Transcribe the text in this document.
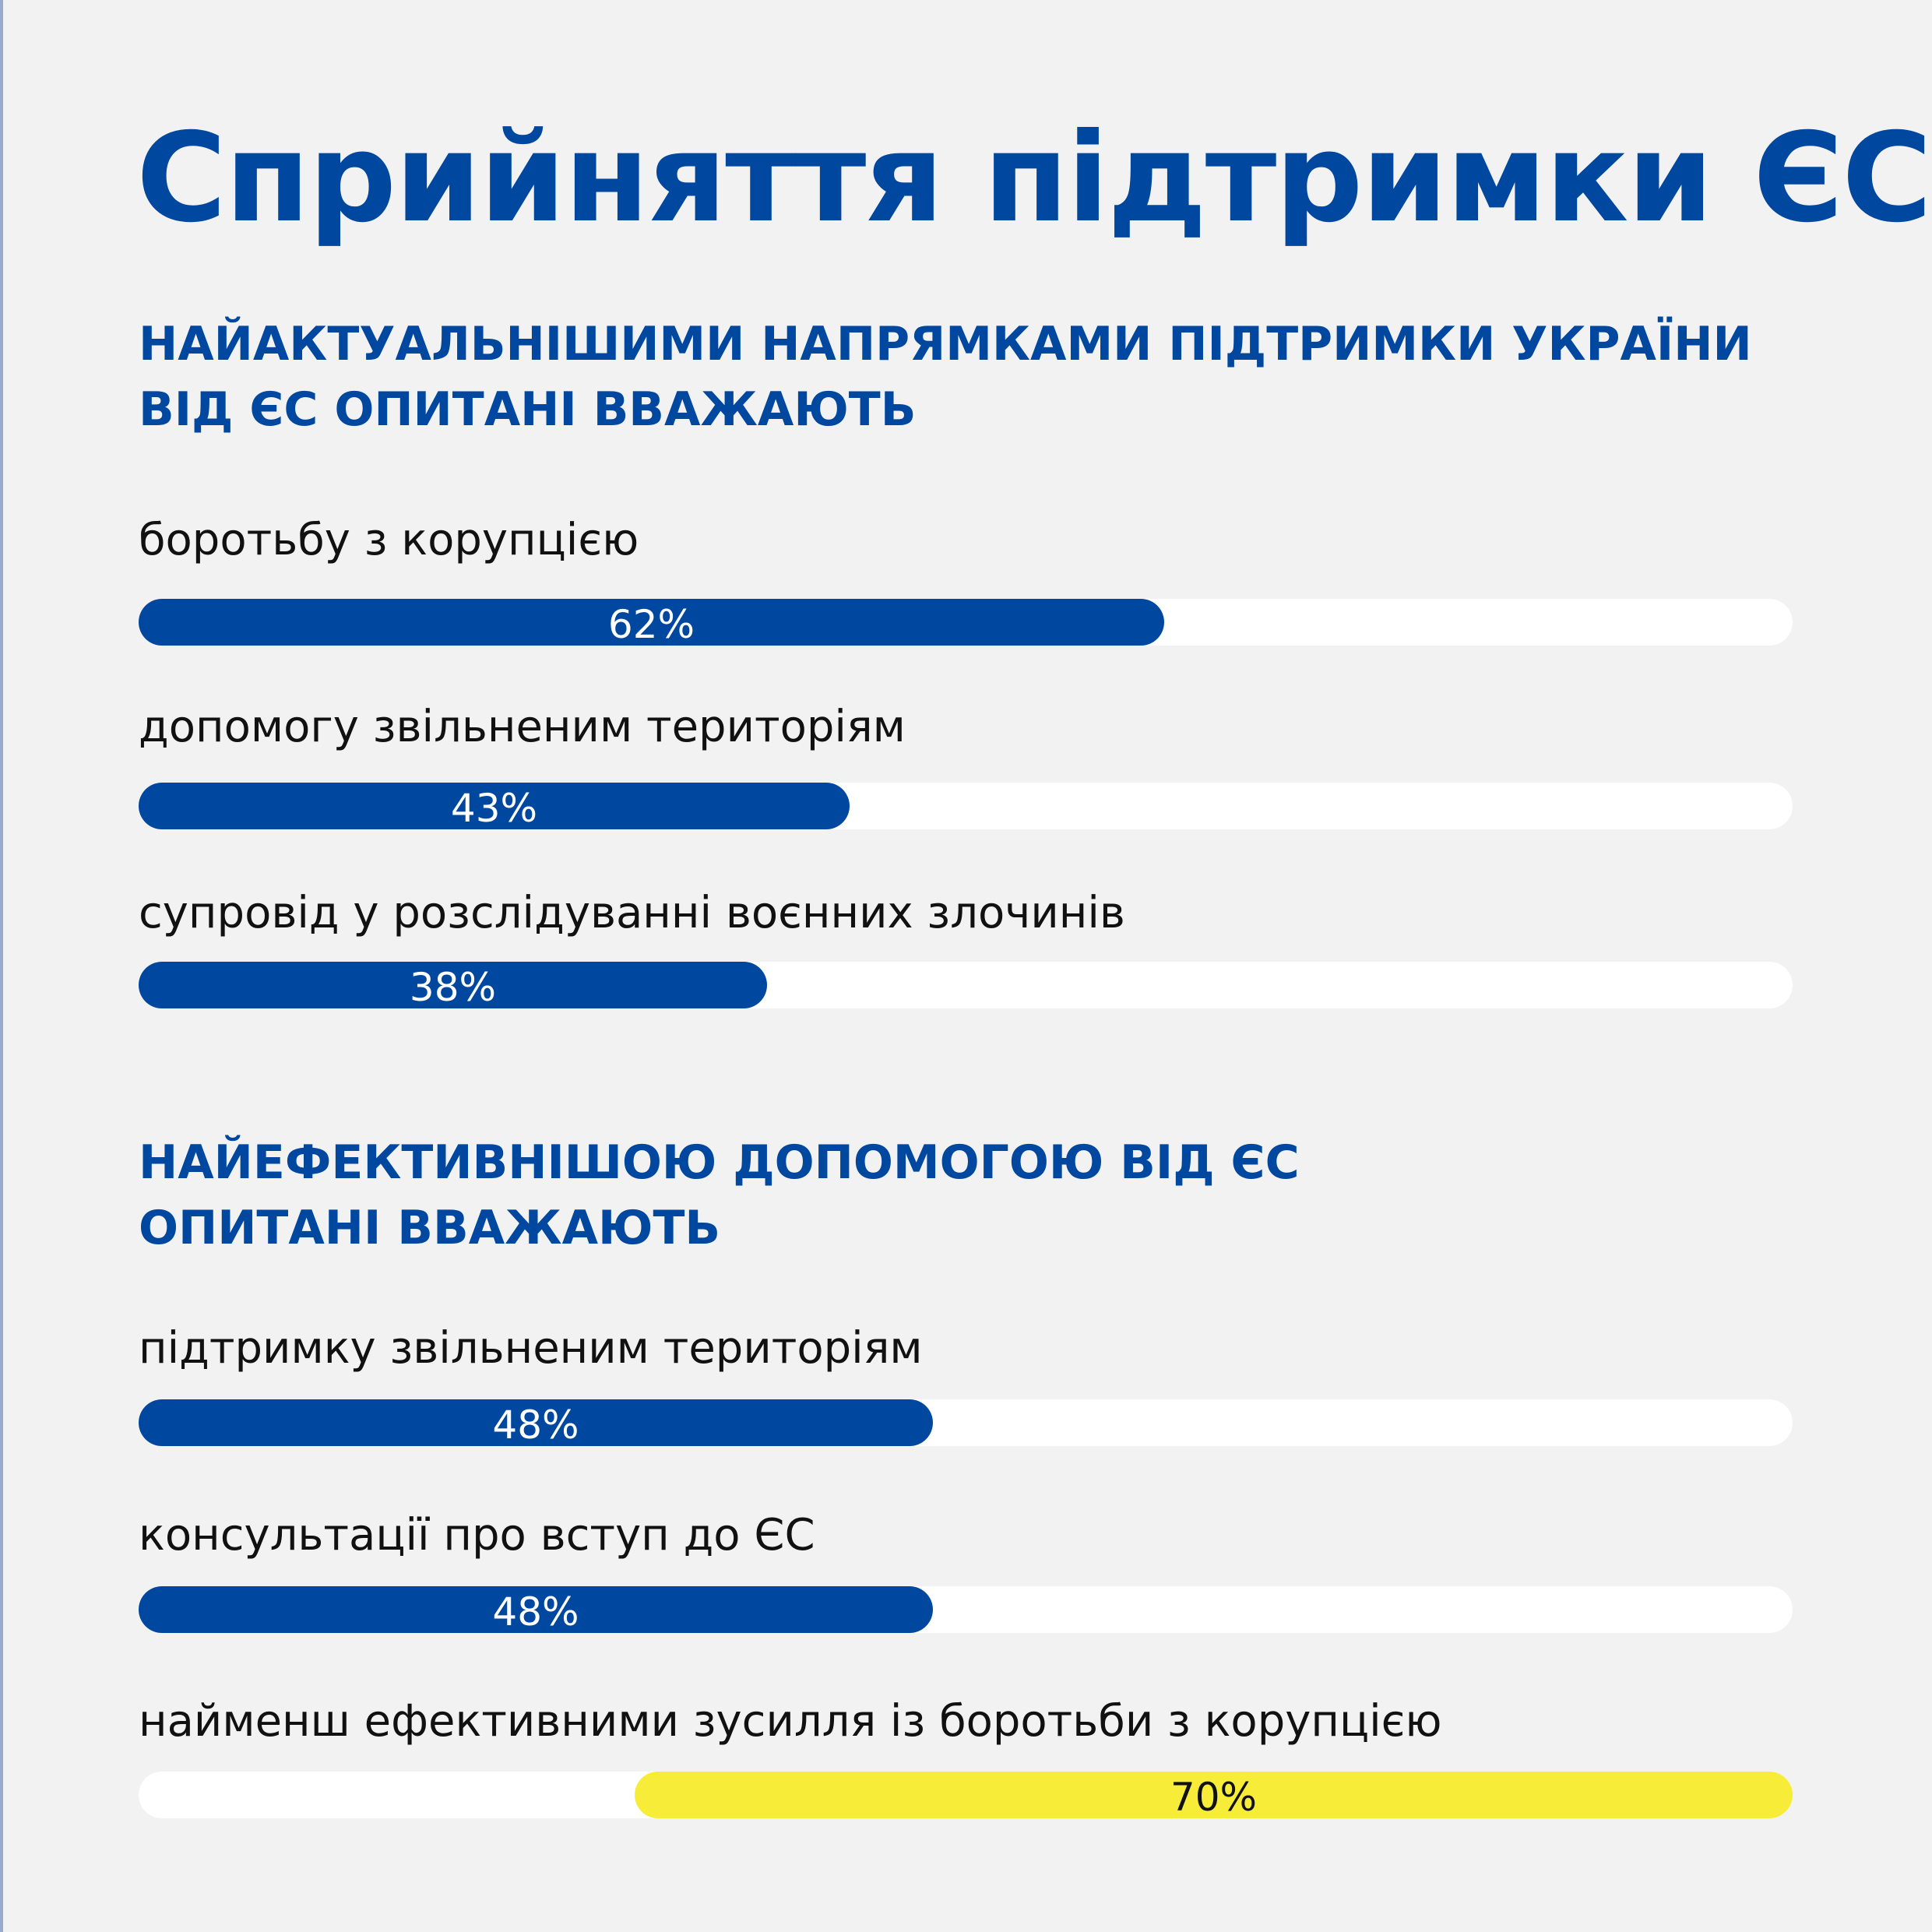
Сприйняття підтримки ЄС
НАЙАКТУАЛЬНІШИМИ НАПРЯМКАМИ ПІДТРИМКИ УКРАЇНИ
ВІД ЄС ОПИТАНІ ВВАЖАЮТЬ
боротьбу з корупцією
62%
допомогу звільненим територіям
43%
супровід у розслідуванні воєнних злочинів
38%
НАЙЕФЕКТИВНІШОЮ ДОПОМОГОЮ ВІД ЄС
ОПИТАНІ ВВАЖАЮТЬ
підтримку звільненим територіям
48%
консультації про вступ до ЄС
48%
найменш ефективними зусилля із боротьби з корупцією
70%
